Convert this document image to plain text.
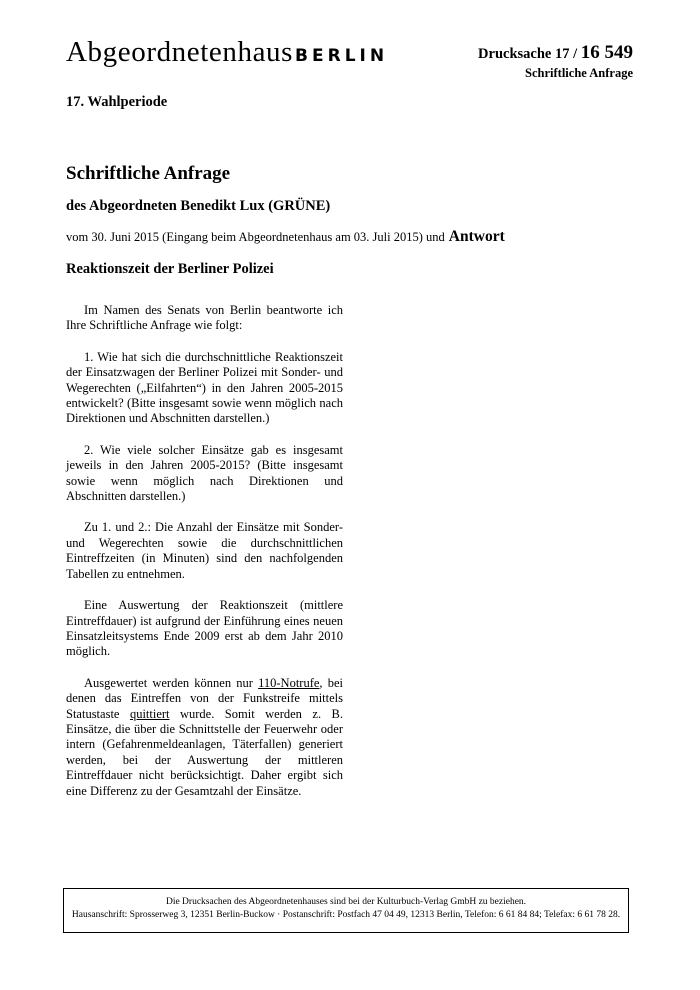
Abgeordnetenhaus BERLIN	Drucksache 17 / 16 549
Schriftliche Anfrage
17. Wahlperiode
Schriftliche Anfrage
des Abgeordneten Benedikt Lux (GRÜNE)
vom 30. Juni 2015 (Eingang beim Abgeordnetenhaus am 03. Juli 2015) und Antwort
Reaktionszeit der Berliner Polizei

Im Namen des Senats von Berlin beantworte ich Ihre Schriftliche Anfrage wie folgt:

1. Wie hat sich die durchschnittliche Reaktionszeit der Einsatzwagen der Berliner Polizei mit Sonder- und Wegerechten („Eilfahrten“) in den Jahren 2005-2015 entwickelt? (Bitte insgesamt sowie wenn möglich nach Direktionen und Abschnitten darstellen.)

2. Wie viele solcher Einsätze gab es insgesamt jeweils in den Jahren 2005-2015? (Bitte insgesamt sowie wenn möglich nach Direktionen und Abschnitten darstellen.)

Zu 1. und 2.: Die Anzahl der Einsätze mit Sonder- und Wegerechten sowie die durchschnittlichen Eintreffzeiten (in Minuten) sind den nachfolgenden Tabellen zu entnehmen.

Eine Auswertung der Reaktionszeit (mittlere Eintreffdauer) ist aufgrund der Einführung eines neuen Einsatzleitsystems Ende 2009 erst ab dem Jahr 2010 möglich.

Ausgewertet werden können nur 110-Notrufe, bei denen das Eintreffen von der Funkstreife mittels Statustaste quittiert wurde. Somit werden z. B. Einsätze, die über die Schnittstelle der Feuerwehr oder intern (Gefahrenmeldeanlagen, Täterfallen) generiert werden, bei der Auswertung der mittleren Eintreffdauer nicht berücksichtigt. Daher ergibt sich eine Differenz zu der Gesamtzahl der Einsätze.

Die Drucksachen des Abgeordnetenhauses sind bei der Kulturbuch-Verlag GmbH zu beziehen.
Hausanschrift: Sprosserweg 3, 12351 Berlin-Buckow · Postanschrift: Postfach 47 04 49, 12313 Berlin, Telefon: 6 61 84 84; Telefax: 6 61 78 28.
